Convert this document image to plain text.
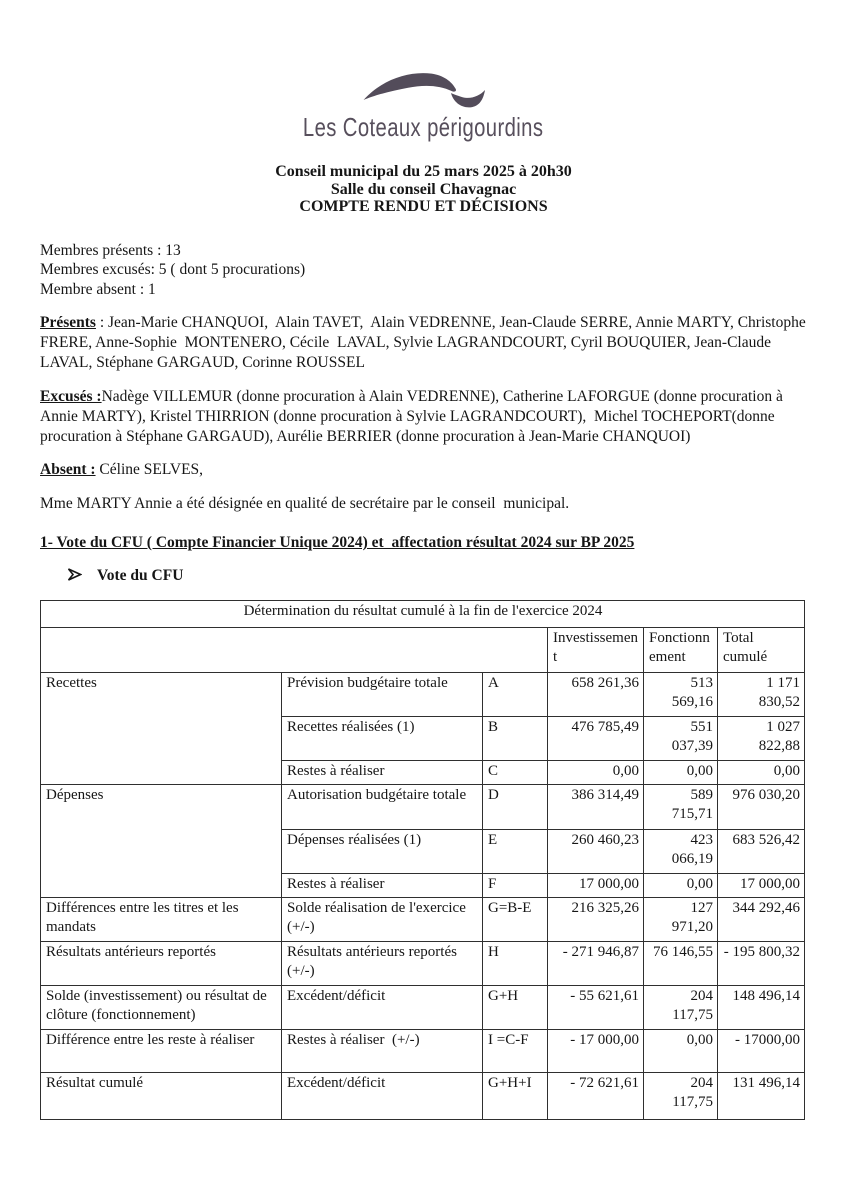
Les Coteaux périgourdins
Conseil municipal du 25 mars 2025 à 20h30
Salle du conseil Chavagnac
COMPTE RENDU ET DÉCISIONS
Membres présents : 13
Membres excusés: 5 ( dont 5 procurations)
Membre absent : 1

Présents : Jean-Marie CHANQUOI,  Alain TAVET,  Alain VEDRENNE, Jean-Claude SERRE, Annie MARTY, Christophe FRERE, Anne-Sophie  MONTENERO, Cécile  LAVAL, Sylvie LAGRANDCOURT, Cyril BOUQUIER, Jean-Claude LAVAL, Stéphane GARGAUD, Corinne ROUSSEL

Excusés :Nadège VILLEMUR (donne procuration à Alain VEDRENNE), Catherine LAFORGUE (donne procuration à Annie MARTY), Kristel THIRRION (donne procuration à Sylvie LAGRANDCOURT),  Michel TOCHEPORT(donne procuration à Stéphane GARGAUD), Aurélie BERRIER (donne procuration à Jean-Marie CHANQUOI)

Absent : Céline SELVES,

Mme MARTY Annie a été désignée en qualité de secrétaire par le conseil  municipal.

1- Vote du CFU ( Compte Financier Unique 2024) et  affectation résultat 2024 sur BP 2025
Vote du CFU
Détermination du résultat cumulé à la fin de l'exercice 2024					
			Investissement	Fonctionnement	Total cumulé
Recettes	Prévision budgétaire totale	A	658 261,36	513 569,16	1 171 830,52
	Recettes réalisées (1)	B	476 785,49	551 037,39	1 027 822,88
	Restes à réaliser	C	0,00	0,00	0,00
Dépenses	Autorisation budgétaire totale	D	386 314,49	589 715,71	976 030,20
	Dépenses réalisées (1)	E	260 460,23	423 066,19	683 526,42
	Restes à réaliser	F	17 000,00	0,00	17 000,00
Différences entre les titres et les mandats	Solde réalisation de l'exercice (+/-)	G=B-E	216 325,26	127 971,20	344 292,46
Résultats antérieurs reportés	Résultats antérieurs reportés (+/-)	H	- 271 946,87	76 146,55	- 195 800,32
Solde (investissement) ou résultat de clôture (fonctionnement)	Excédent/déficit	G+H	- 55 621,61	204 117,75	148 496,14
Différence entre les reste à réaliser	Restes à réaliser  (+/-)	I =C-F	- 17 000,00	0,00	- 17000,00
Résultat cumulé	Excédent/déficit	G+H+I	- 72 621,61	204 117,75	131 496,14
